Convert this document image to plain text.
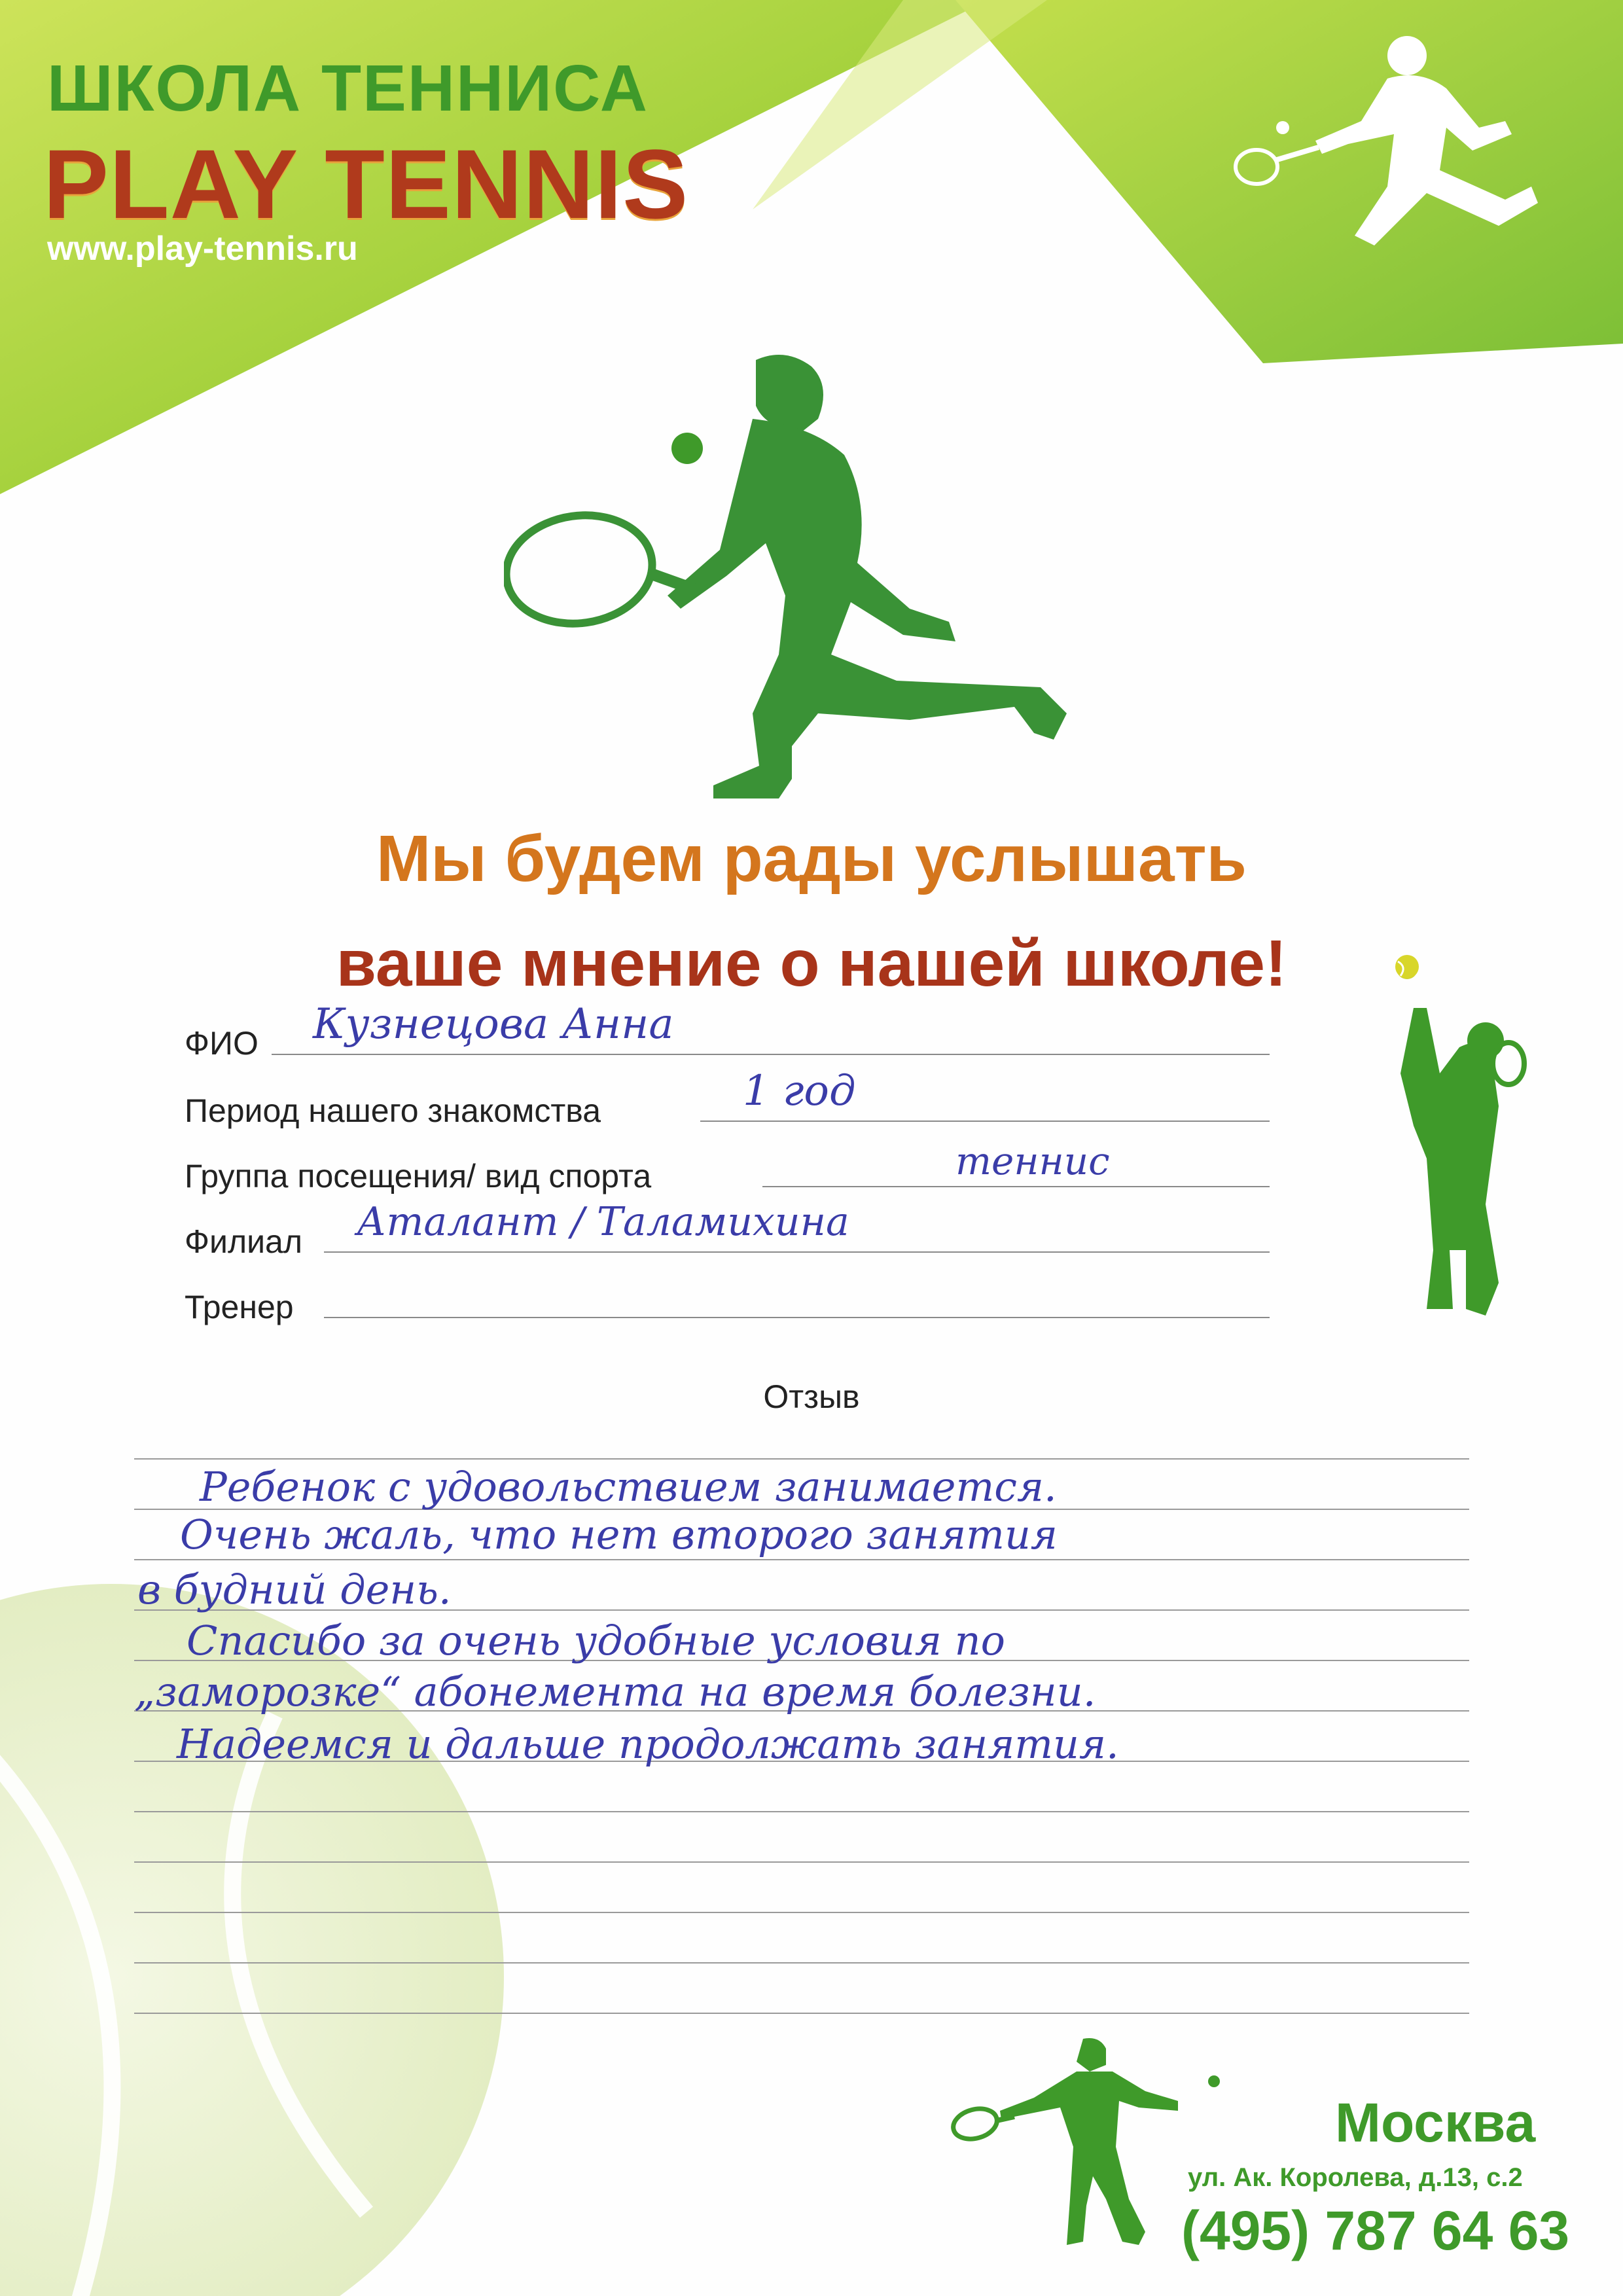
ШКОЛА ТЕННИСА
PLAY TENNIS
www.play-tennis.ru
Мы будем рады услышать
ваше мнение о нашей школе!
ФИО Кузнецова Анна
Период нашего знакомства	1 год
Группа посещения/ вид спорта	теннис
Филиал Аталант / Таламихина
Тренер
Отзыв
Ребенок с удовольствием занимается.
Очень жаль, что нет второго занятия
в будний день.
Спасибо за очень удобные условия по
„заморозке“ абонемента на время болезни.
Надеемся и дальше продолжать занятия.
Москва
ул. Ак. Королева, д.13, с.2
(495) 787 64 63
